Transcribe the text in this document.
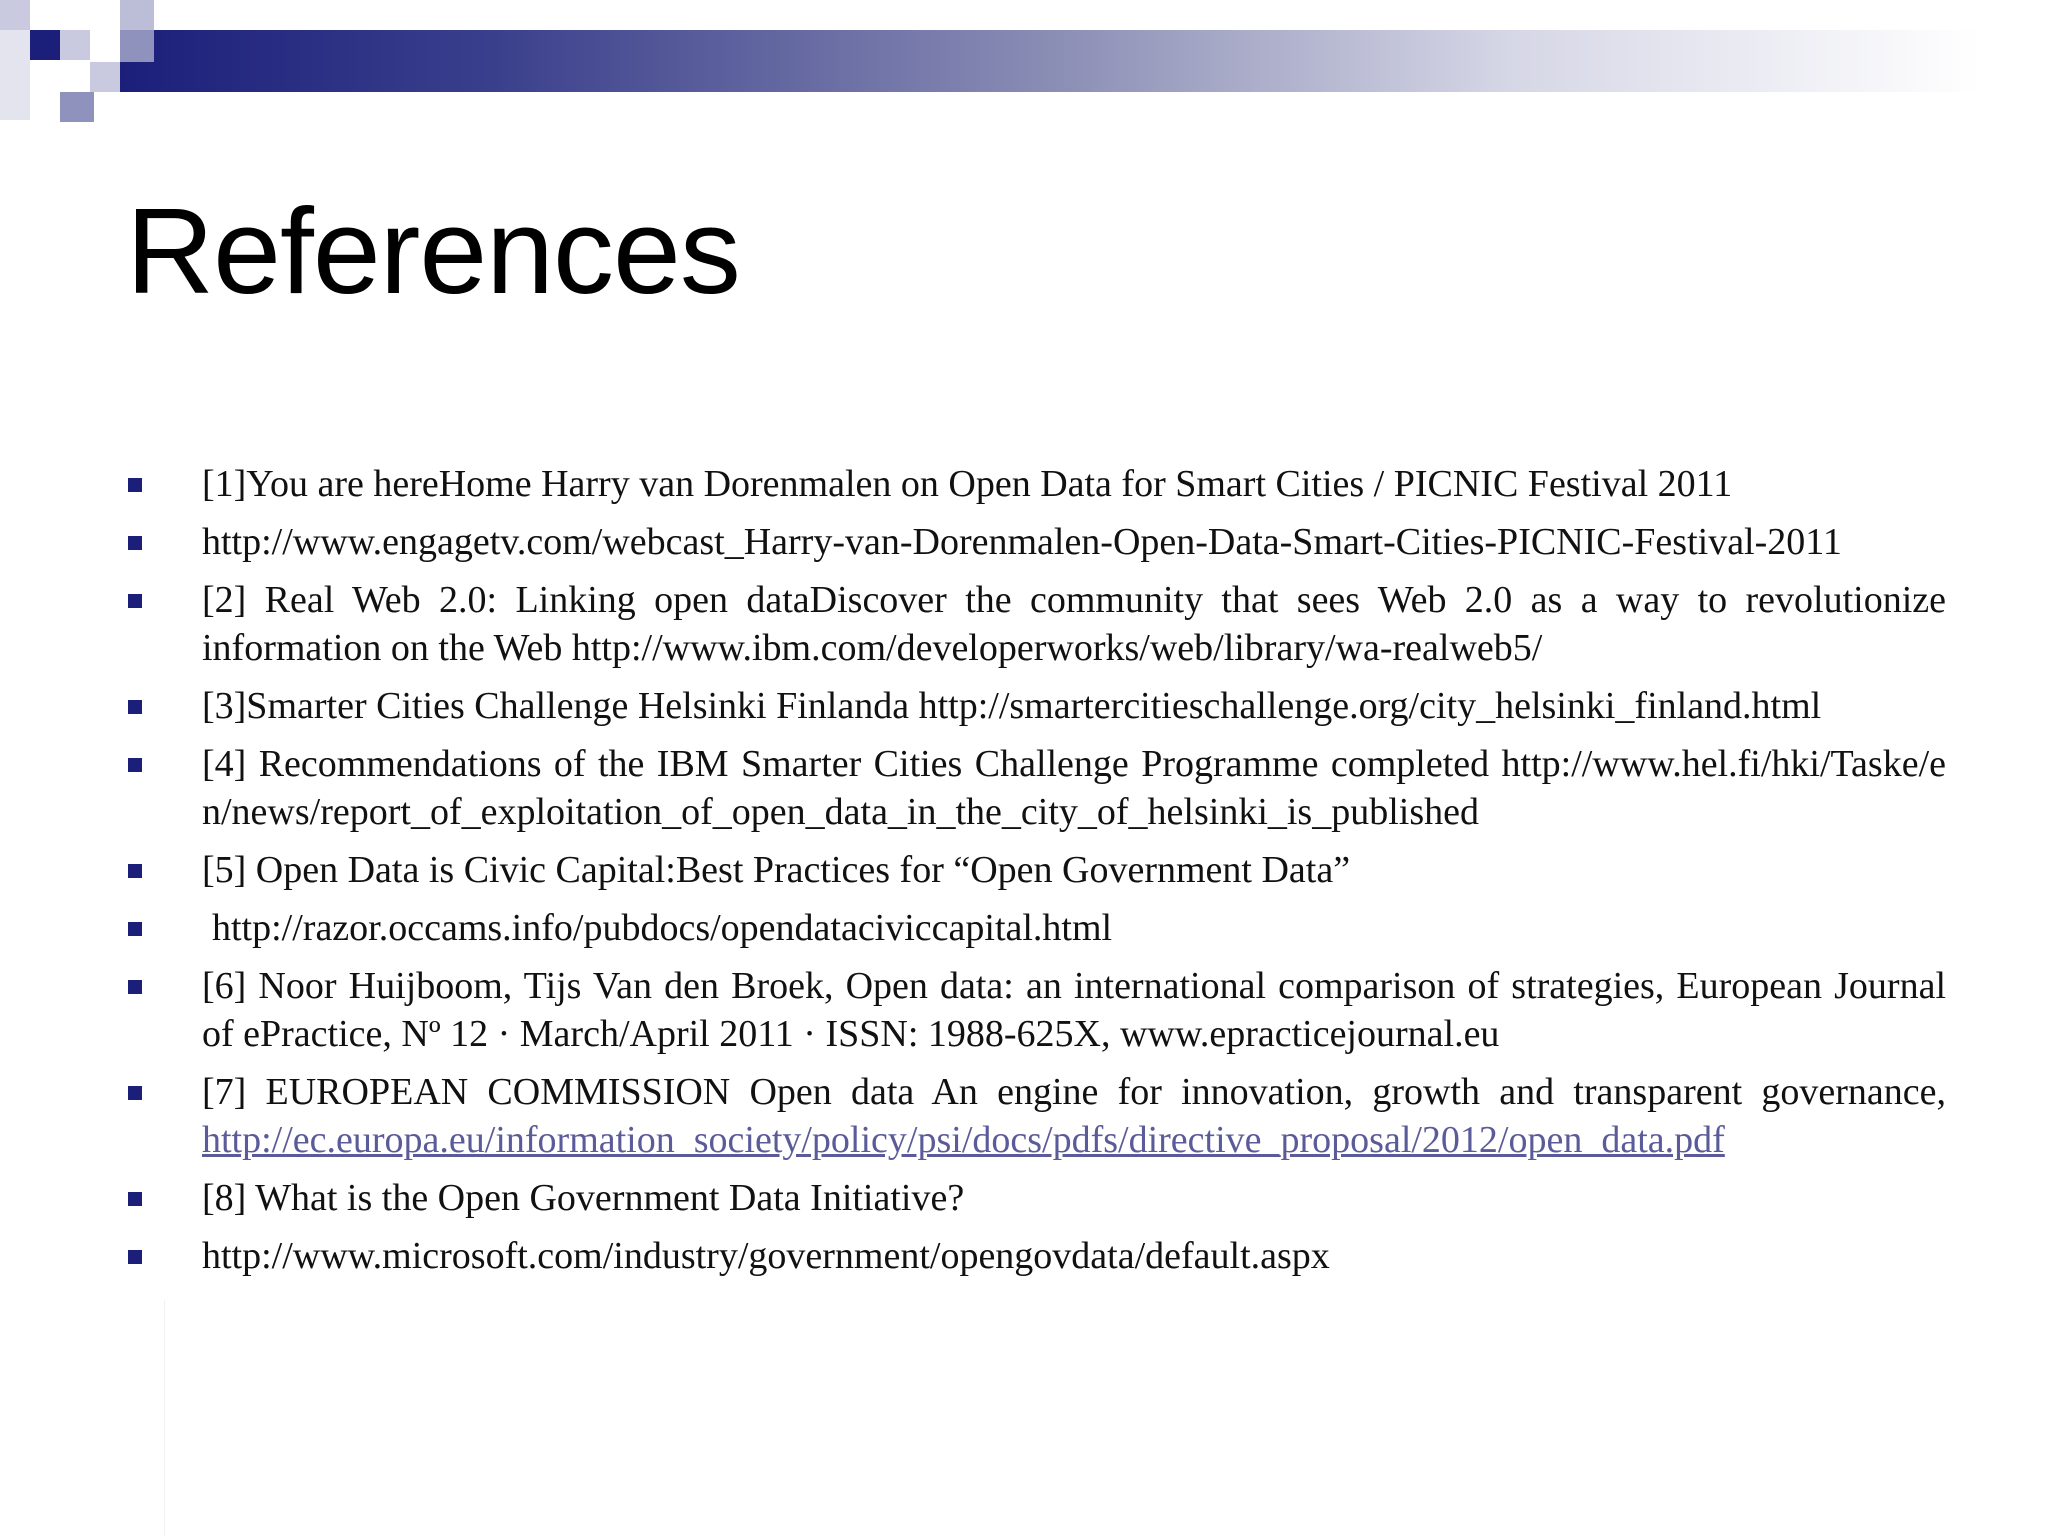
References
[1]You are hereHome Harry van Dorenmalen on Open Data for Smart Cities / PICNIC Festival 2011
http://www.engagetv.com/webcast_Harry-van-Dorenmalen-Open-Data-Smart-Cities-PICNIC-Festival-2011
[2] Real Web 2.0: Linking open dataDiscover the community that sees Web 2.0 as a way to revolutionize information on the Web http://www.ibm.com/developerworks/web/library/wa-realweb5/
[3]Smarter Cities Challenge Helsinki Finlanda http://smartercitieschallenge.org/city_helsinki_finland.html
[4] Recommendations of the IBM Smarter Cities Challenge Programme completed http://www.hel.fi/hki/Taske/en/news/report_of_exploitation_of_open_data_in_the_city_of_helsinki_is_published
[5] Open Data is Civic Capital:Best Practices for “Open Government Data”
http://razor.occams.info/pubdocs/opendataciviccapital.html
[6] Noor Huijboom, Tijs Van den Broek, Open data: an international comparison of strategies, European Journal of ePractice, Nº 12 · March/April 2011 · ISSN: 1988-625X, www.epracticejournal.eu
[7] EUROPEAN COMMISSION Open data An engine for innovation, growth and transparent governance, http://ec.europa.eu/information_society/policy/psi/docs/pdfs/directive_proposal/2012/open_data.pdf
[8] What is the Open Government Data Initiative?
http://www.microsoft.com/industry/government/opengovdata/default.aspx
